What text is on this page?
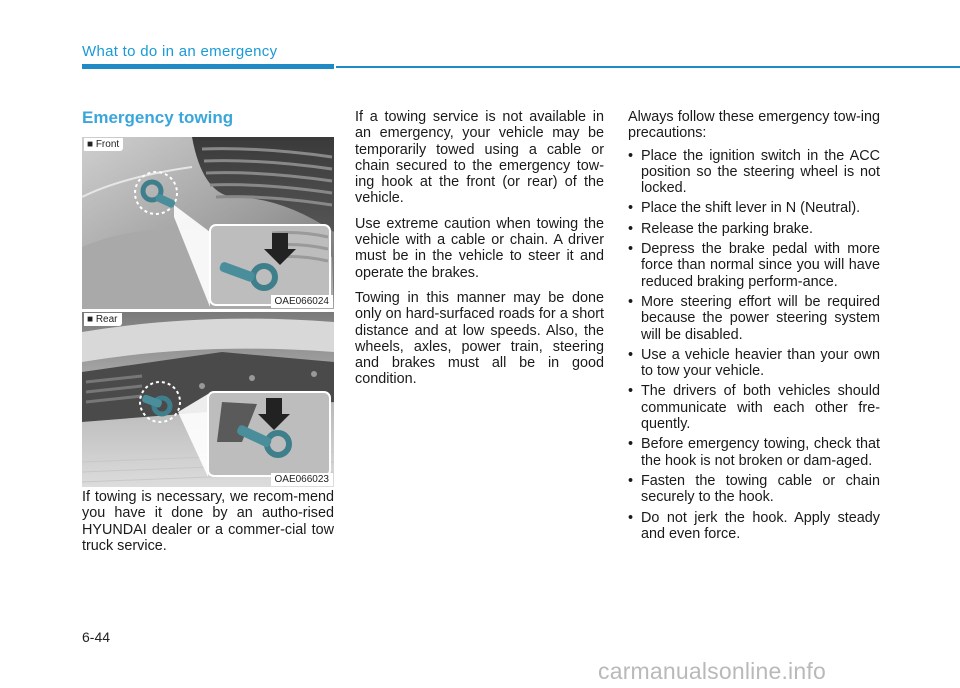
What to do in an emergency
Emergency towing
■ Front
OAE066024
■ Rear
OAE066023

If towing is necessary, we recom-mend you have it done by an autho-rised HYUNDAI dealer or a commer-cial tow truck service.

If a towing service is not available in an emergency, your vehicle may be temporarily towed using a cable or chain secured to the emergency tow-ing hook at the front (or rear) of the vehicle.

Use extreme caution when towing the vehicle with a cable or chain. A driver must be in the vehicle to steer it and operate the brakes.

Towing in this manner may be done only on hard-surfaced roads for a short distance and at low speeds. Also, the wheels, axles, power train, steering and brakes must all be in good condition.

Always follow these emergency tow-ing precautions:

• Place the ignition switch in the ACC position so the steering wheel is not locked.
• Place the shift lever in N (Neutral).
• Release the parking brake.
• Depress the brake pedal with more force than normal since you will have reduced braking perform-ance.
• More steering effort will be required because the power steering system will be disabled.
• Use a vehicle heavier than your own to tow your vehicle.
• The drivers of both vehicles should communicate with each other fre-quently.
• Before emergency towing, check that the hook is not broken or dam-aged.
• Fasten the towing cable or chain securely to the hook.
• Do not jerk the hook. Apply steady and even force.
6-44
carmanualsonline.info
